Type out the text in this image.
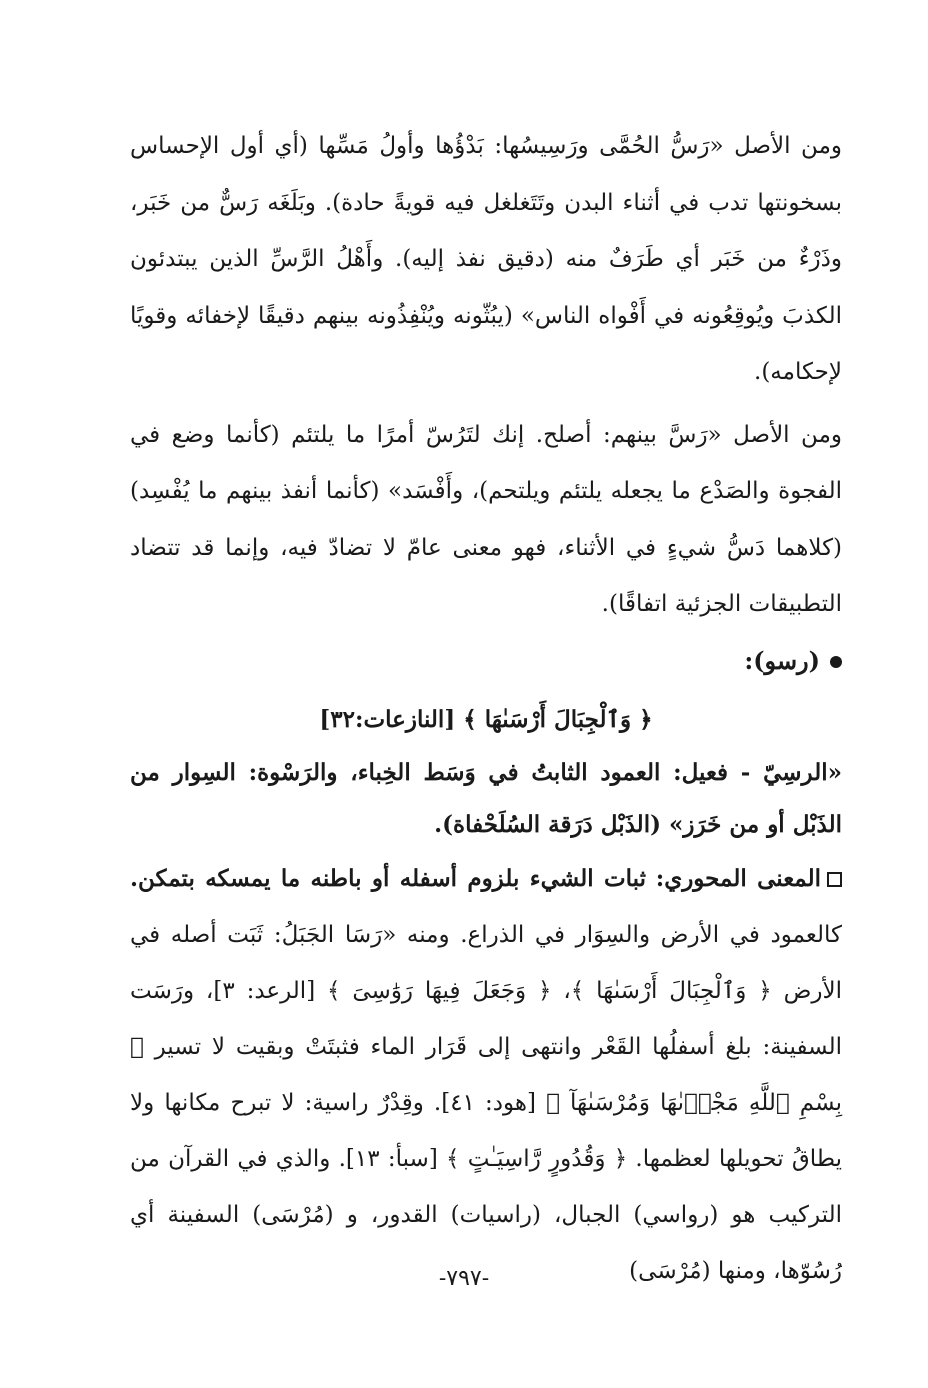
ومن الأصل «رَسُّ الحُمَّى ورَسِيسُها: بَدْؤُها وأولُ مَسِّها (أي أول الإحساس بسخونتها تدب في أثناء البدن وتَتَغلغل فيه قويةً حادة). وبَلَغَه رَسٌّ من خَبَر، وذَرْءٌ من خَبَر أي طَرَفٌ منه (دقيق نفذ إليه). وأَهْلُ الرَّسِّ الذين يبتدئون الكذبَ ويُوقِعُونه في أَفْواه الناس» (يبُثّونه ويُنْفِذُونه بينهم دقيقًا لإخفائه وقويًا لإحكامه).

ومن الأصل «رَسَّ بينهم: أصلح. إنك لتَرُسّ أمرًا ما يلتئم (كأنما وضع في الفجوة والصَدْع ما يجعله يلتئم ويلتحم)، وأَفْسَد» (كأنما أنفذ بينهم ما يُفْسِد) (كلاهما دَسُّ شيءٍ في الأثناء، فهو معنى عامّ لا تضادّ فيه، وإنما قد تتضاد التطبيقات الجزئية اتفاقًا).

(رسو):

﴿ وَٱلْجِبَالَ أَرْسَىٰهَا ﴾ [النازعات:٣٢]

«الرسِيّ - فعيل: العمود الثابتُ في وَسَط الخِباء، والرَسْوة: السِوار من الذَبْل أو من خَرَز» (الذَبْل دَرَقة السُلَحْفاة).

المعنى المحوري: ثبات الشيء بلزوم أسفله أو باطنه ما يمسكه بتمكن. كالعمود في الأرض والسِوَار في الذراع. ومنه «رَسَا الجَبَلُ: ثَبَت أصله في الأرض ﴿ وَٱلْجِبَالَ أَرْسَىٰهَا ﴾، ﴿ وَجَعَلَ فِيهَا رَوَٰسِىَ ﴾ [الرعد: ٣]، ورَسَت السفينة: بلغ أسفلُها القَعْر وانتهى إلى قَرَار الماء فثبتَتْ وبقيت لا تسير ﴿ بِسْمِ ٱللَّهِ مَجْرٜىٰهَا وَمُرْسَىٰهَآ ﴾ [هود: ٤١]. وقِدْرٌ راسية: لا تبرح مكانها ولا يطاقُ تحويلها لعظمها. ﴿ وَقُدُورٍ رَّاسِيَـٰتٍ ﴾ [سبأ: ١٣]. والذي في القرآن من التركيب هو (رواسي) الجبال، (راسيات) القدور، و (مُرْسَى) السفينة أي رُسُوّها، ومنها (مُرْسَى)

-٧٩٧-
